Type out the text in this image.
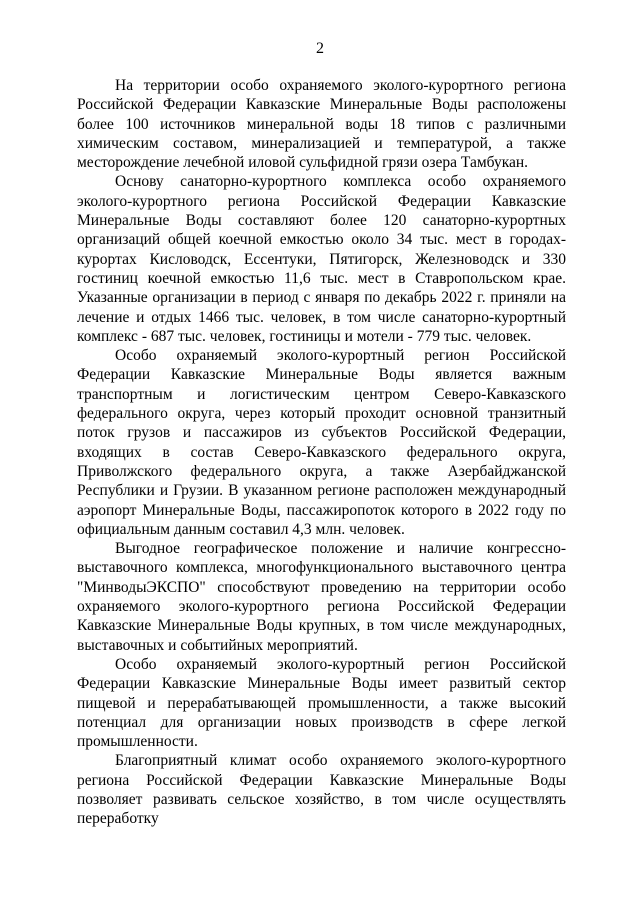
2

На территории особо охраняемого эколого-курортного региона Российской Федерации Кавказские Минеральные Воды расположены более 100 источников минеральной воды 18 типов с различными химическим составом, минерализацией и температурой, а также месторождение лечебной иловой сульфидной грязи озера Тамбукан.

Основу санаторно-курортного комплекса особо охраняемого эколого-курортного региона Российской Федерации Кавказские Минеральные Воды составляют более 120 санаторно-курортных организаций общей коечной емкостью около 34 тыс. мест в городах-курортах Кисловодск, Ессентуки, Пятигорск, Железноводск и 330 гостиниц коечной емкостью 11,6 тыс. мест в Ставропольском крае. Указанные организации в период с января по декабрь 2022 г. приняли на лечение и отдых 1466 тыс. человек, в том числе санаторно-курортный комплекс - 687 тыс. человек, гостиницы и мотели - 779 тыс. человек.

Особо охраняемый эколого-курортный регион Российской Федерации Кавказские Минеральные Воды является важным транспортным и логистическим центром Северо-Кавказского федерального округа, через который проходит основной транзитный поток грузов и пассажиров из субъектов Российской Федерации, входящих в состав Северо-Кавказского федерального округа, Приволжского федерального округа, а также Азербайджанской Республики и Грузии. В указанном регионе расположен международный аэропорт Минеральные Воды, пассажиропоток которого в 2022 году по официальным данным составил 4,3 млн. человек.

Выгодное географическое положение и наличие конгрессно-выставочного комплекса, многофункционального выставочного центра "МинводыЭКСПО" способствуют проведению на территории особо охраняемого эколого-курортного региона Российской Федерации Кавказские Минеральные Воды крупных, в том числе международных, выставочных и событийных мероприятий.

Особо охраняемый эколого-курортный регион Российской Федерации Кавказские Минеральные Воды имеет развитый сектор пищевой и перерабатывающей промышленности, а также высокий потенциал для организации новых производств в сфере легкой промышленности.

Благоприятный климат особо охраняемого эколого-курортного региона Российской Федерации Кавказские Минеральные Воды позволяет развивать сельское хозяйство, в том числе осуществлять переработку
